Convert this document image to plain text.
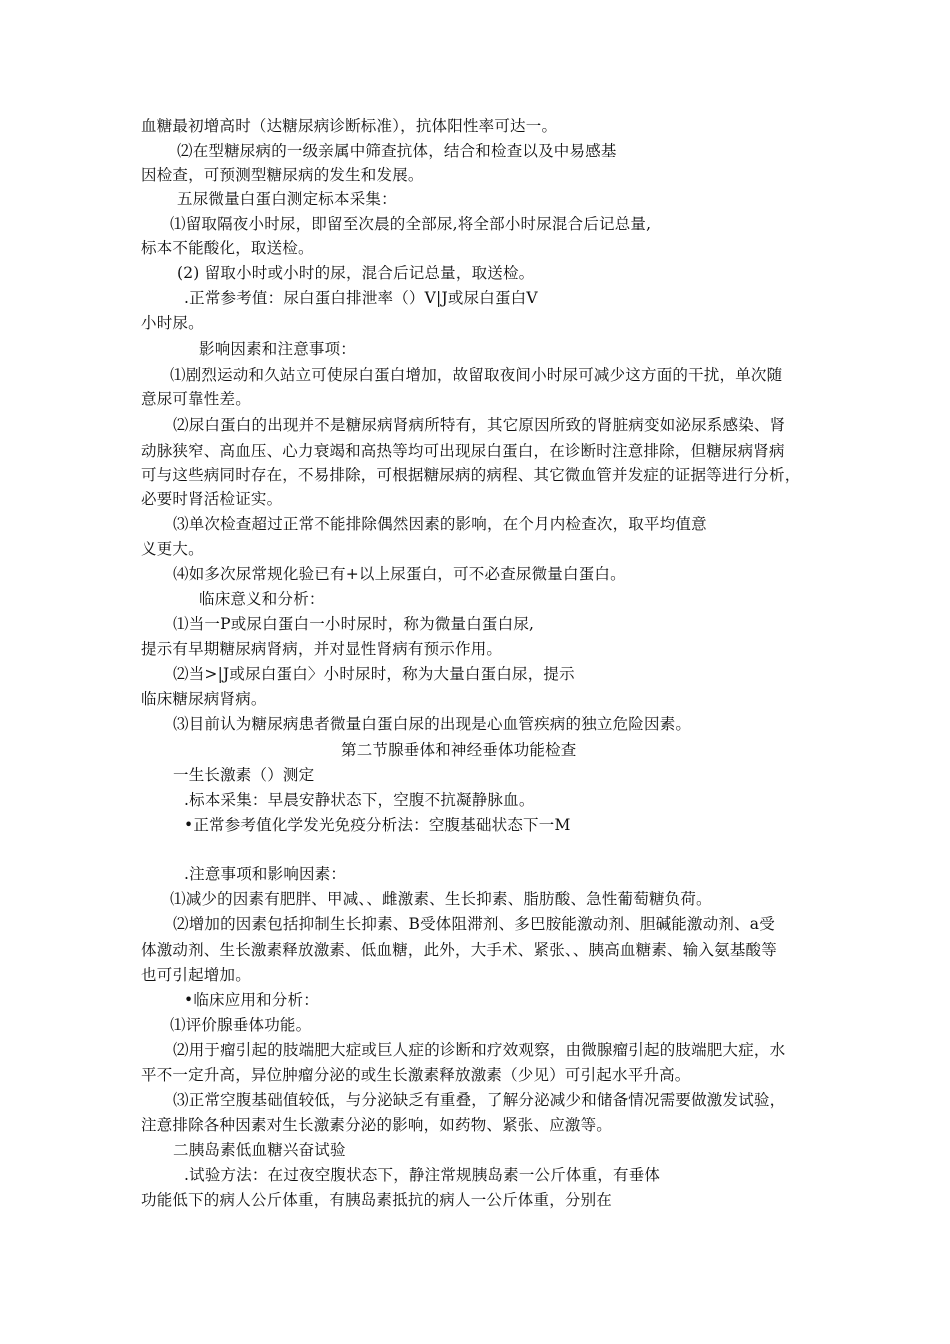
血糖最初增高时（达糖尿病诊断标准），抗体阳性率可达一。
⑵在型糖尿病的一级亲属中筛查抗体，结合和检查以及中易感基
因检查，可预测型糖尿病的发生和发展。
五尿微量白蛋白测定标本采集：
⑴留取隔夜小时尿，即留至次晨的全部尿,将全部小时尿混合后记总量,
标本不能酸化，取送检。
(2) 留取小时或小时的尿，混合后记总量，取送检。
.正常参考值：尿白蛋白排泄率（）V|J或尿白蛋白V
小时尿。
影响因素和注意事项：
⑴剧烈运动和久站立可使尿白蛋白增加，故留取夜间小时尿可减少这方面的干扰，单次随
意尿可靠性差。
⑵尿白蛋白的出现并不是糖尿病肾病所特有，其它原因所致的肾脏病变如泌尿系感染、肾
动脉狭窄、高血压、心力衰竭和高热等均可出现尿白蛋白，在诊断时注意排除，但糖尿病肾病
可与这些病同时存在，不易排除，可根据糖尿病的病程、其它微血管并发症的证据等进行分析，
必要时肾活检证实。
⑶单次检查超过正常不能排除偶然因素的影响，在个月内检查次，取平均值意
义更大。
⑷如多次尿常规化验已有+以上尿蛋白，可不必查尿微量白蛋白。
临床意义和分析：
⑴当一P或尿白蛋白一小时尿时，称为微量白蛋白尿,
提示有早期糖尿病肾病，并对显性肾病有预示作用。
⑵当>|J或尿白蛋白〉小时尿时，称为大量白蛋白尿，提示
临床糖尿病肾病。
⑶目前认为糖尿病患者微量白蛋白尿的出现是心血管疾病的独立危险因素。
第二节腺垂体和神经垂体功能检查
一生长激素（）测定
.标本采集：早晨安静状态下，空腹不抗凝静脉血。
•正常参考值化学发光免疫分析法：空腹基础状态下一M
.注意事项和影响因素：
⑴减少的因素有肥胖、甲减、、雌激素、生长抑素、脂肪酸、急性葡萄糖负荷。
⑵增加的因素包括抑制生长抑素、B受体阻滞剂、多巴胺能激动剂、胆碱能激动剂、a受
体激动剂、生长激素释放激素、低血糖，此外，大手术、紧张、、胰高血糖素、输入氨基酸等
也可引起增加。
•临床应用和分析：
⑴评价腺垂体功能。
⑵用于瘤引起的肢端肥大症或巨人症的诊断和疗效观察，由微腺瘤引起的肢端肥大症，水
平不一定升高，异位肿瘤分泌的或生长激素释放激素（少见）可引起水平升高。
⑶正常空腹基础值较低，与分泌缺乏有重叠，了解分泌减少和储备情况需要做激发试验，
注意排除各种因素对生长激素分泌的影响，如药物、紧张、应激等。
二胰岛素低血糖兴奋试验
.试验方法：在过夜空腹状态下，静注常规胰岛素一公斤体重，有垂体
功能低下的病人公斤体重，有胰岛素抵抗的病人一公斤体重，分别在
